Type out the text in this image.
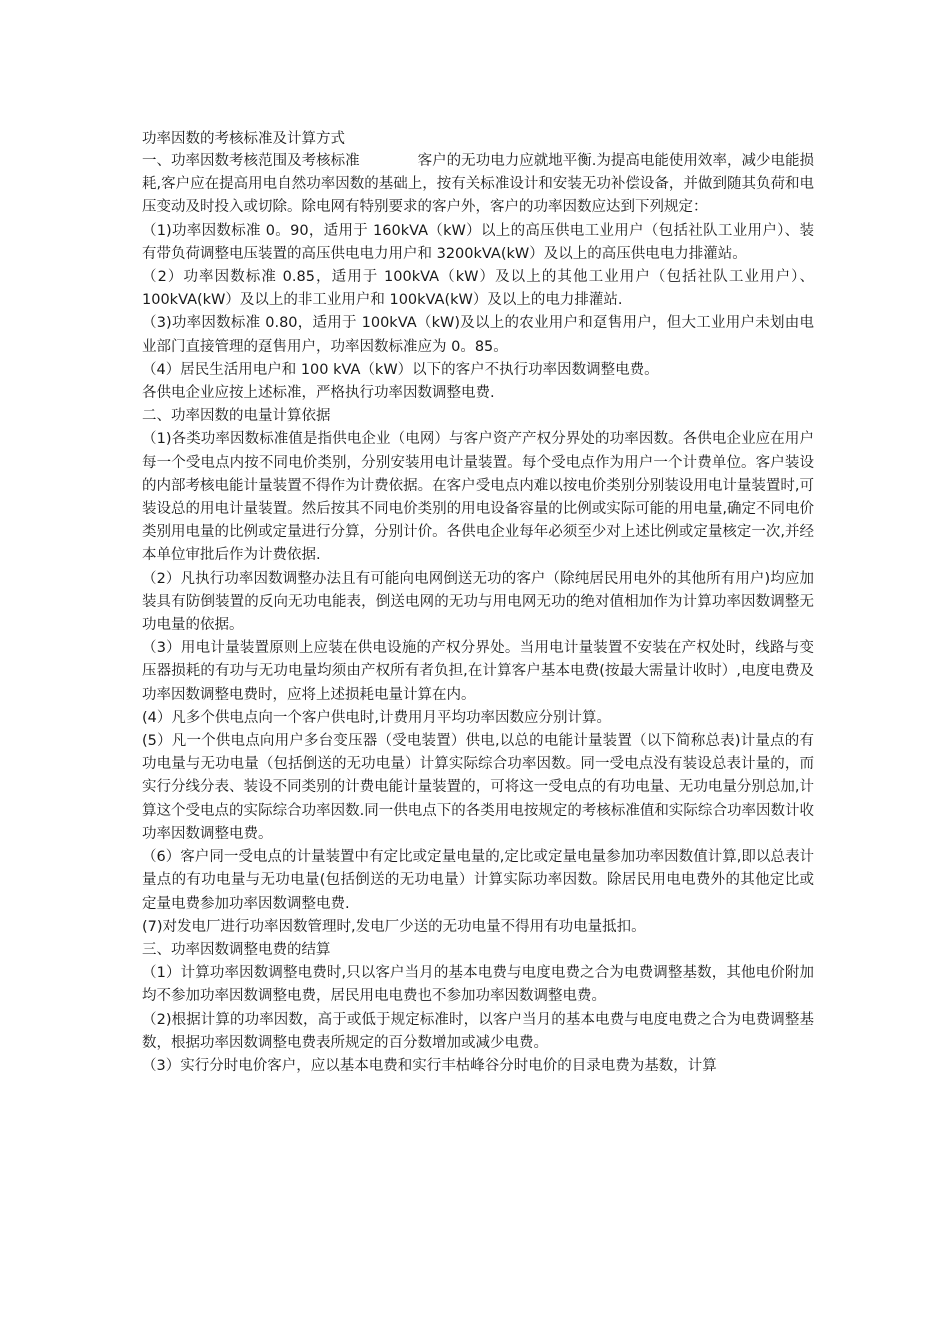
功率因数的考核标准及计算方式

一、功率因数考核范围及考核标准　　　　客户的无功电力应就地平衡.为提高电能使用效率，减少电能损耗,客户应在提高用电自然功率因数的基础上，按有关标准设计和安装无功补偿设备，并做到随其负荷和电压变动及时投入或切除。除电网有特别要求的客户外，客户的功率因数应达到下列规定：

（1)功率因数标准 0。90，适用于 160kVA（kW）以上的高压供电工业用户（包括社队工业用户）、装有带负荷调整电压装置的高压供电电力用户和 3200kVA(kW）及以上的高压供电电力排灌站。

（2）功率因数标准 0.85，适用于 100kVA（kW）及以上的其他工业用户（包括社队工业用户）、100kVA(kW）及以上的非工业用户和 100kVA(kW）及以上的电力排灌站.

（3)功率因数标准 0.80，适用于 100kVA（kW)及以上的农业用户和趸售用户，但大工业用户未划由电业部门直接管理的趸售用户，功率因数标准应为 0。85。

（4）居民生活用电户和 100 kVA（kW）以下的客户不执行功率因数调整电费。

各供电企业应按上述标准，严格执行功率因数调整电费.

二、功率因数的电量计算依据

（1)各类功率因数标准值是指供电企业（电网）与客户资产产权分界处的功率因数。各供电企业应在用户每一个受电点内按不同电价类别，分别安装用电计量装置。每个受电点作为用户一个计费单位。客户装设的内部考核电能计量装置不得作为计费依据。在客户受电点内难以按电价类别分别装设用电计量装置时,可装设总的用电计量装置。然后按其不同电价类别的用电设备容量的比例或实际可能的用电量,确定不同电价类别用电量的比例或定量进行分算，分别计价。各供电企业每年必须至少对上述比例或定量核定一次,并经本单位审批后作为计费依据.

（2）凡执行功率因数调整办法且有可能向电网倒送无功的客户（除纯居民用电外的其他所有用户)均应加装具有防倒装置的反向无功电能表，倒送电网的无功与用电网无功的绝对值相加作为计算功率因数调整无功电量的依据。

（3）用电计量装置原则上应装在供电设施的产权分界处。当用电计量装置不安装在产权处时，线路与变压器损耗的有功与无功电量均须由产权所有者负担,在计算客户基本电费(按最大需量计收时）,电度电费及功率因数调整电费时，应将上述损耗电量计算在内。

(4）凡多个供电点向一个客户供电时,计费用月平均功率因数应分别计算。

(5）凡一个供电点向用户多台变压器（受电装置）供电,以总的电能计量装置（以下简称总表)计量点的有功电量与无功电量（包括倒送的无功电量）计算实际综合功率因数。同一受电点没有装设总表计量的，而实行分线分表、装设不同类别的计费电能计量装置的，可将这一受电点的有功电量、无功电量分别总加,计算这个受电点的实际综合功率因数.同一供电点下的各类用电按规定的考核标准值和实际综合功率因数计收功率因数调整电费。

（6）客户同一受电点的计量装置中有定比或定量电量的,定比或定量电量参加功率因数值计算,即以总表计量点的有功电量与无功电量(包括倒送的无功电量）计算实际功率因数。除居民用电电费外的其他定比或定量电费参加功率因数调整电费.

(7)对发电厂进行功率因数管理时,发电厂少送的无功电量不得用有功电量抵扣。

三、功率因数调整电费的结算

（1）计算功率因数调整电费时,只以客户当月的基本电费与电度电费之合为电费调整基数，其他电价附加均不参加功率因数调整电费，居民用电电费也不参加功率因数调整电费。

（2)根据计算的功率因数，高于或低于规定标准时，以客户当月的基本电费与电度电费之合为电费调整基数，根据功率因数调整电费表所规定的百分数增加或减少电费。

（3）实行分时电价客户，应以基本电费和实行丰枯峰谷分时电价的目录电费为基数，计算
